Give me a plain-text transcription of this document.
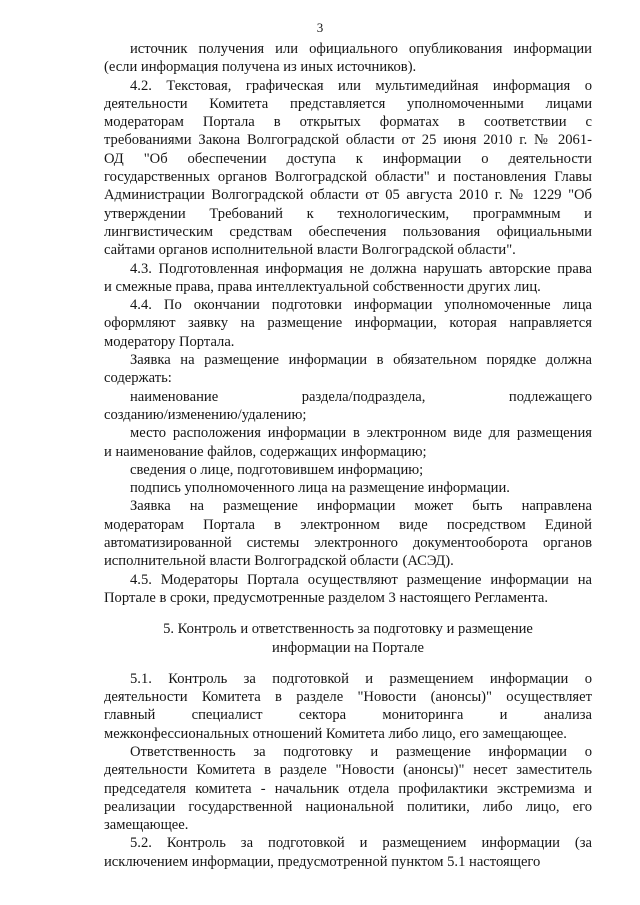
3
источник получения или официального опубликования информации
(если информация получена из иных источников).
4.2. Текстовая, графическая или мультимедийная информация о
деятельности Комитета представляется уполномоченными лицами
модераторам Портала в открытых форматах в соответствии с
требованиями Закона Волгоградской области от 25 июня 2010 г. № 2061-
ОД "Об обеспечении доступа к информации о деятельности
государственных органов Волгоградской области" и постановления Главы
Администрации Волгоградской области от 05 августа 2010 г. № 1229 "Об
утверждении Требований к технологическим, программным и
лингвистическим средствам обеспечения пользования официальными
сайтами органов исполнительной власти Волгоградской области".
4.3. Подготовленная информация не должна нарушать авторские права
и смежные права, права интеллектуальной собственности других лиц.
4.4. По окончании подготовки информации уполномоченные лица
оформляют заявку на размещение информации, которая направляется
модератору Портала.
Заявка на размещение информации в обязательном порядке должна
содержать:
наименование раздела/подраздела, подлежащего
созданию/изменению/удалению;
место расположения информации в электронном виде для размещения
и наименование файлов, содержащих информацию;
сведения о лице, подготовившем информацию;
подпись уполномоченного лица на размещение информации.
Заявка на размещение информации может быть направлена
модераторам Портала в электронном виде посредством Единой
автоматизированной системы электронного документооборота органов
исполнительной власти Волгоградской области (АСЭД).
4.5. Модераторы Портала осуществляют размещение информации на
Портале в сроки, предусмотренные разделом 3 настоящего Регламента.
5. Контроль и ответственность за подготовку и размещение
информации на Портале
5.1. Контроль за подготовкой и размещением информации о
деятельности Комитета в разделе "Новости (анонсы)" осуществляет
главный специалист сектора мониторинга и анализа
межконфессиональных отношений Комитета либо лицо, его замещающее.
Ответственность за подготовку и размещение информации о
деятельности Комитета в разделе "Новости (анонсы)" несет заместитель
председателя комитета - начальник отдела профилактики экстремизма и
реализации государственной национальной политики, либо лицо, его
замещающее.
5.2. Контроль за подготовкой и размещением информации (за
исключением информации, предусмотренной пунктом 5.1 настоящего
